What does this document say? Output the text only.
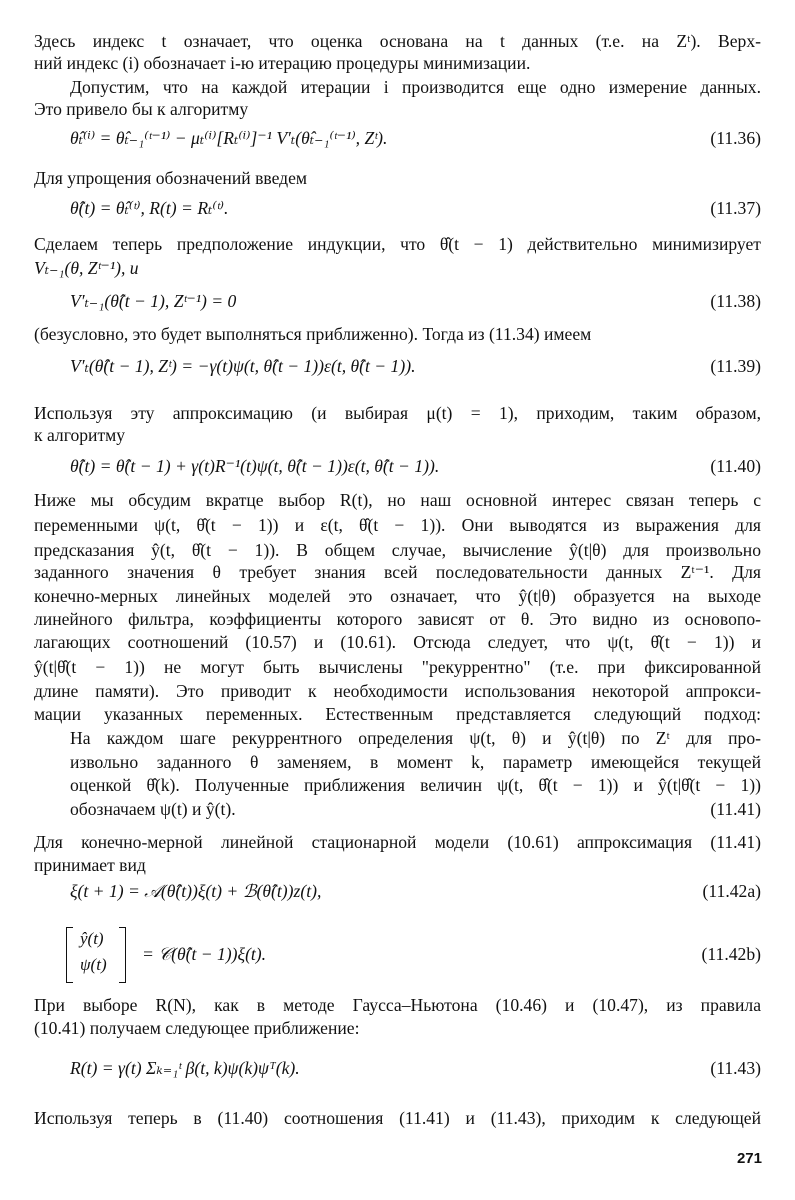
Здесь индекс t означает, что оценка основана на t данных (т.е. на Zᵗ). Верх-
ний индекс (i) обозначает i-ю итерацию процедуры минимизации.
Допустим, что на каждой итерации i производится еще одно измерение данных.
Это привело бы к алгоритму
θ̂ₜ⁽ⁱ⁾ = θ̂ₜ₋₁⁽ᵗ⁻¹⁾ − μₜ⁽ⁱ⁾[Rₜ⁽ⁱ⁾]⁻¹ V′ₜ(θ̂ₜ₋₁⁽ᵗ⁻¹⁾, Zᵗ).	(11.36)
Для упрощения обозначений введем
θ̂(t) = θ̂ₜ⁽ᵗ⁾, R(t) = Rₜ⁽ᵗ⁾.	(11.37)
Сделаем теперь предположение индукции, что θ̂(t − 1) действительно минимизирует
Vₜ₋₁(θ, Zᵗ⁻¹), и
V′ₜ₋₁(θ̂(t − 1), Zᵗ⁻¹) = 0	(11.38)
(безусловно, это будет выполняться приближенно). Тогда из (11.34) имеем
V′ₜ(θ̂(t − 1), Zᵗ) = −γ(t)ψ(t, θ̂(t − 1))ε(t, θ̂(t − 1)).	(11.39)
Используя эту аппроксимацию (и выбирая μ(t) = 1), приходим, таким образом,
к алгоритму
θ̂(t) = θ̂(t − 1) + γ(t)R⁻¹(t)ψ(t, θ̂(t − 1))ε(t, θ̂(t − 1)).	(11.40)
Ниже мы обсудим вкратце выбор R(t), но наш основной интерес связан теперь с
переменными ψ(t, θ̂(t − 1)) и ε(t, θ̂(t − 1)). Они выводятся из выражения для
предсказания ŷ(t, θ̂(t − 1)). В общем случае, вычисление ŷ(t|θ) для произвольно
заданного значения θ требует знания всей последовательности данных Zᵗ⁻¹. Для
конечно-мерных линейных моделей это означает, что ŷ(t|θ) образуется на выходе
линейного фильтра, коэффициенты которого зависят от θ. Это видно из основопо-
лагающих соотношений (10.57) и (10.61). Отсюда следует, что ψ(t, θ̂(t − 1)) и
ŷ(t|θ̂(t − 1)) не могут быть вычислены "рекуррентно" (т.е. при фиксированной
длине памяти). Это приводит к необходимости использования некоторой аппрокси-
мации указанных переменных. Естественным представляется следующий подход:
На каждом шаге рекуррентного определения ψ(t, θ) и ŷ(t|θ) по Zᵗ для про-
извольно заданного θ заменяем, в момент k, параметр имеющейся текущей
оценкой θ̂(k). Полученные приближения величин ψ(t, θ̂(t − 1)) и ŷ(t|θ̂(t − 1))
обозначаем ψ(t) и ŷ(t).	(11.41)
Для конечно-мерной линейной стационарной модели (10.61) аппроксимация (11.41)
принимает вид
ξ(t + 1) = 𝒜(θ̂(t))ξ(t) + ℬ(θ̂(t))z(t),	(11.42a)
ŷ(t)
ψ(t)
= 𝒞(θ̂(t − 1))ξ(t).	(11.42b)
При выборе R(N), как в методе Гаусса–Ньютона (10.46) и (10.47), из правила
(10.41) получаем следующее приближение:
R(t) = γ(t) Σₖ₌₁ᵗ β(t, k)ψ(k)ψᵀ(k).	(11.43)
Используя теперь в (11.40) соотношения (11.41) и (11.43), приходим к следующей
271
